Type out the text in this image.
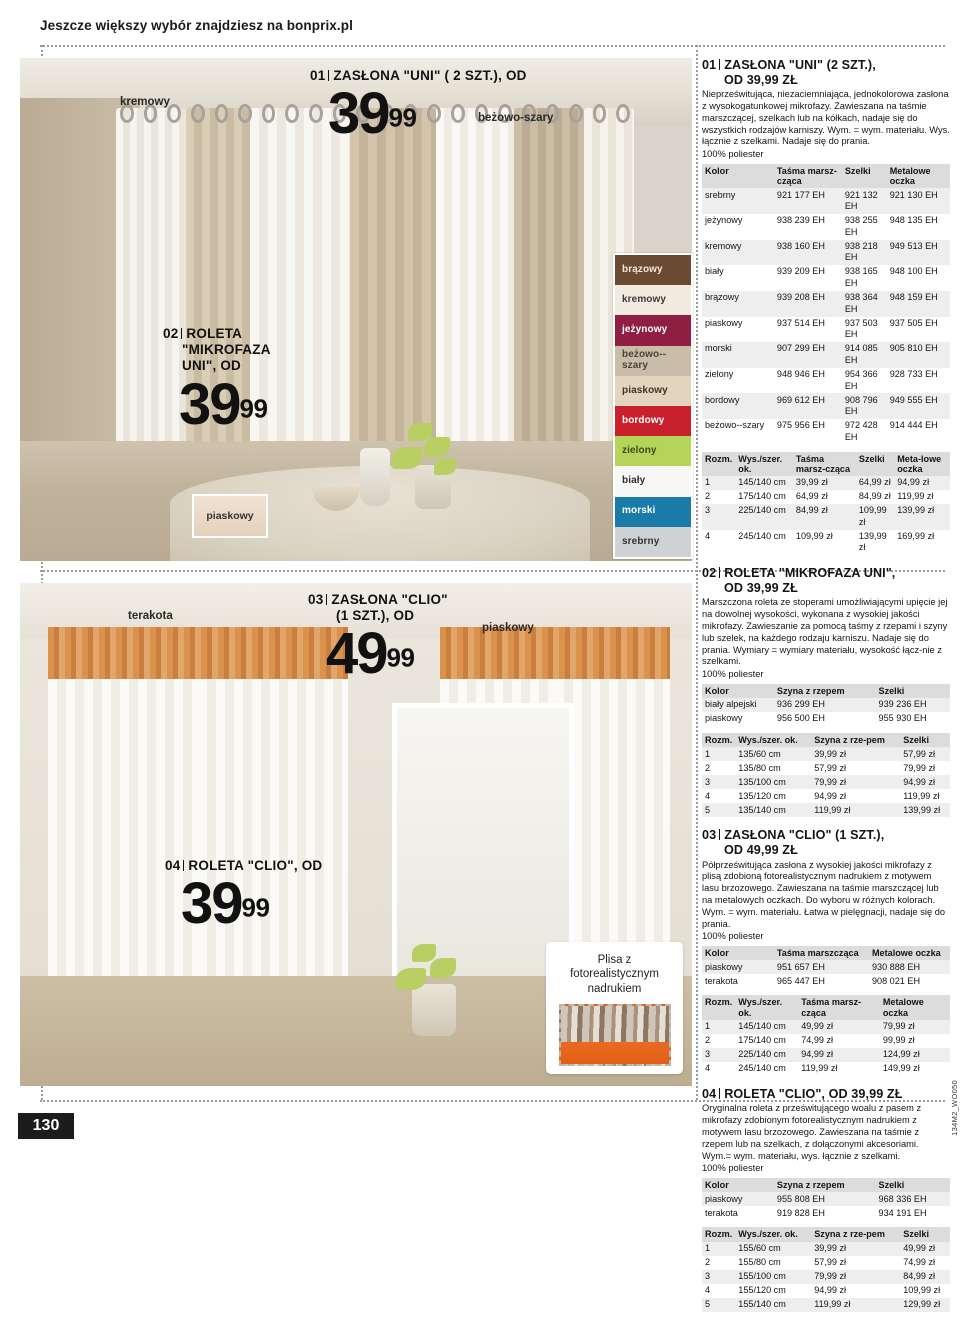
Jeszcze większy wybór znajdziesz na bonprix.pl
01 ZASŁONA "UNI" ( 2 SZT.), OD
3999
kremowy
beżowo-szary
02 ROLETA
"MIKROFAZA
UNI", OD
3999
piaskowy
brązowy
kremowy
jeżynowy
beżowo--szary
piaskowy
bordowy
zielony
biały
morski
srebrny
03 ZASŁONA "CLIO"
(1 SZT.), OD
4999
terakota
piaskowy
04 ROLETA "CLIO", OD
3999
Plisa z fotorealistycznym nadrukiem
01 ZASŁONA "UNI" (2 SZT.),
OD 39,99 ZŁ

Nieprześwitująca, niezaciemniająca, jednokolorowa zasłona z wysokogatunkowej mikrofazy. Zawieszana na taśmie marszczącej, szelkach lub na kółkach, nadaje się do wszystkich rodzajów karniszy. Wym. = wym. materiału. Wys. łącznie z szelkami. Nadaje się do prania.

100% poliester
Kolor	Taśma marsz-cząca	Szelki	Metalowe oczka
srebrny	921 177 EH	921 132 EH	921 130 EH
jeżynowy	938 239 EH	938 255 EH	948 135 EH
kremowy	938 160 EH	938 218 EH	949 513 EH
biały	939 209 EH	938 165 EH	948 100 EH
brązowy	939 208 EH	938 364 EH	948 159 EH
piaskowy	937 514 EH	937 503 EH	937 505 EH
morski	907 299 EH	914 085 EH	905 810 EH
zielony	948 946 EH	954 366 EH	928 733 EH
bordowy	969 612 EH	908 796 EH	949 555 EH
beżowo--szary	975 956 EH	972 428 EH	914 444 EH
Rozm.	Wys./szer. ok.	Taśma marsz-cząca	Szelki	Meta-lowe oczka
1	145/140 cm	39,99 zł	64,99 zł	94,99 zł
2	175/140 cm	64,99 zł	84,99 zł	119,99 zł
3	225/140 cm	84,99 zł	109,99 zł	139,99 zł
4	245/140 cm	109,99 zł	139,99 zł	169,99 zł
02 ROLETA "MIKROFAZA UNI",
OD 39,99 ZŁ

Marszczona roleta ze stoperami umożliwiającymi upięcie jej na dowolnej wysokości, wykonana z wysokiej jakości mikrofazy. Zawieszanie za pomocą taśmy z rzepami i szyny lub szelek, na każdego rodzaju karniszu. Nadaje się do prania. Wymiary = wymiary materiału, wysokość łącz-nie z szelkami.

100% poliester
Kolor	Szyna z rzepem	Szelki
biały alpejski	936 299 EH	939 236 EH
piaskowy	956 500 EH	955 930 EH
Rozm.	Wys./szer. ok.	Szyna z rze-pem	Szelki
1	135/60 cm	39,99 zł	57,99 zł
2	135/80 cm	57,99 zł	79,99 zł
3	135/100 cm	79,99 zł	94,99 zł
4	135/120 cm	94,99 zł	119,99 zł
5	135/140 cm	119,99 zł	139,99 zł
03 ZASŁONA "CLIO" (1 SZT.),
OD 49,99 ZŁ

Półprześwitująca zasłona z wysokiej jakości mikrofazy z plisą zdobioną fotorealistycznym nadrukiem z motywem lasu brzozowego. Zawieszana na taśmie marszczącej lub na metalowych oczkach. Do wyboru w różnych kolorach. Wym. = wym. materiału. Łatwa w pielęgnacji, nadaje się do prania.

100% poliester
Kolor	Taśma marszcząca	Metalowe oczka
piaskowy	951 657 EH	930 888 EH
terakota	965 447 EH	908 021 EH
Rozm.	Wys./szer. ok.	Taśma marsz-cząca	Metalowe oczka
1	145/140 cm	49,99 zł	79,99 zł
2	175/140 cm	74,99 zł	99,99 zł
3	225/140 cm	94,99 zł	124,99 zł
4	245/140 cm	119,99 zł	149,99 zł
04 ROLETA "CLIO", OD 39,99 ZŁ

Oryginalna roleta z prześwitującego woalu z pasem z mikrofazy zdobionym fotorealistycznym nadrukiem z motywem lasu brzozowego. Zawieszana na taśmie z rzepem lub na szelkach, z dołączonymi akcesoriami. Wym.= wym. materiału, wys. łącznie z szelkami.

100% poliester
Kolor	Szyna z rzepem	Szelki
piaskowy	955 808 EH	968 336 EH
terakota	919 828 EH	934 191 EH
Rozm.	Wys./szer. ok.	Szyna z rze-pem	Szelki
1	155/60 cm	39,99 zł	49,99 zł
2	155/80 cm	57,99 zł	74,99 zł
3	155/100 cm	79,99 zł	84,99 zł
4	155/120 cm	94,99 zł	109,99 zł
5	155/140 cm	119,99 zł	129,99 zł
130	134M2_WO050
